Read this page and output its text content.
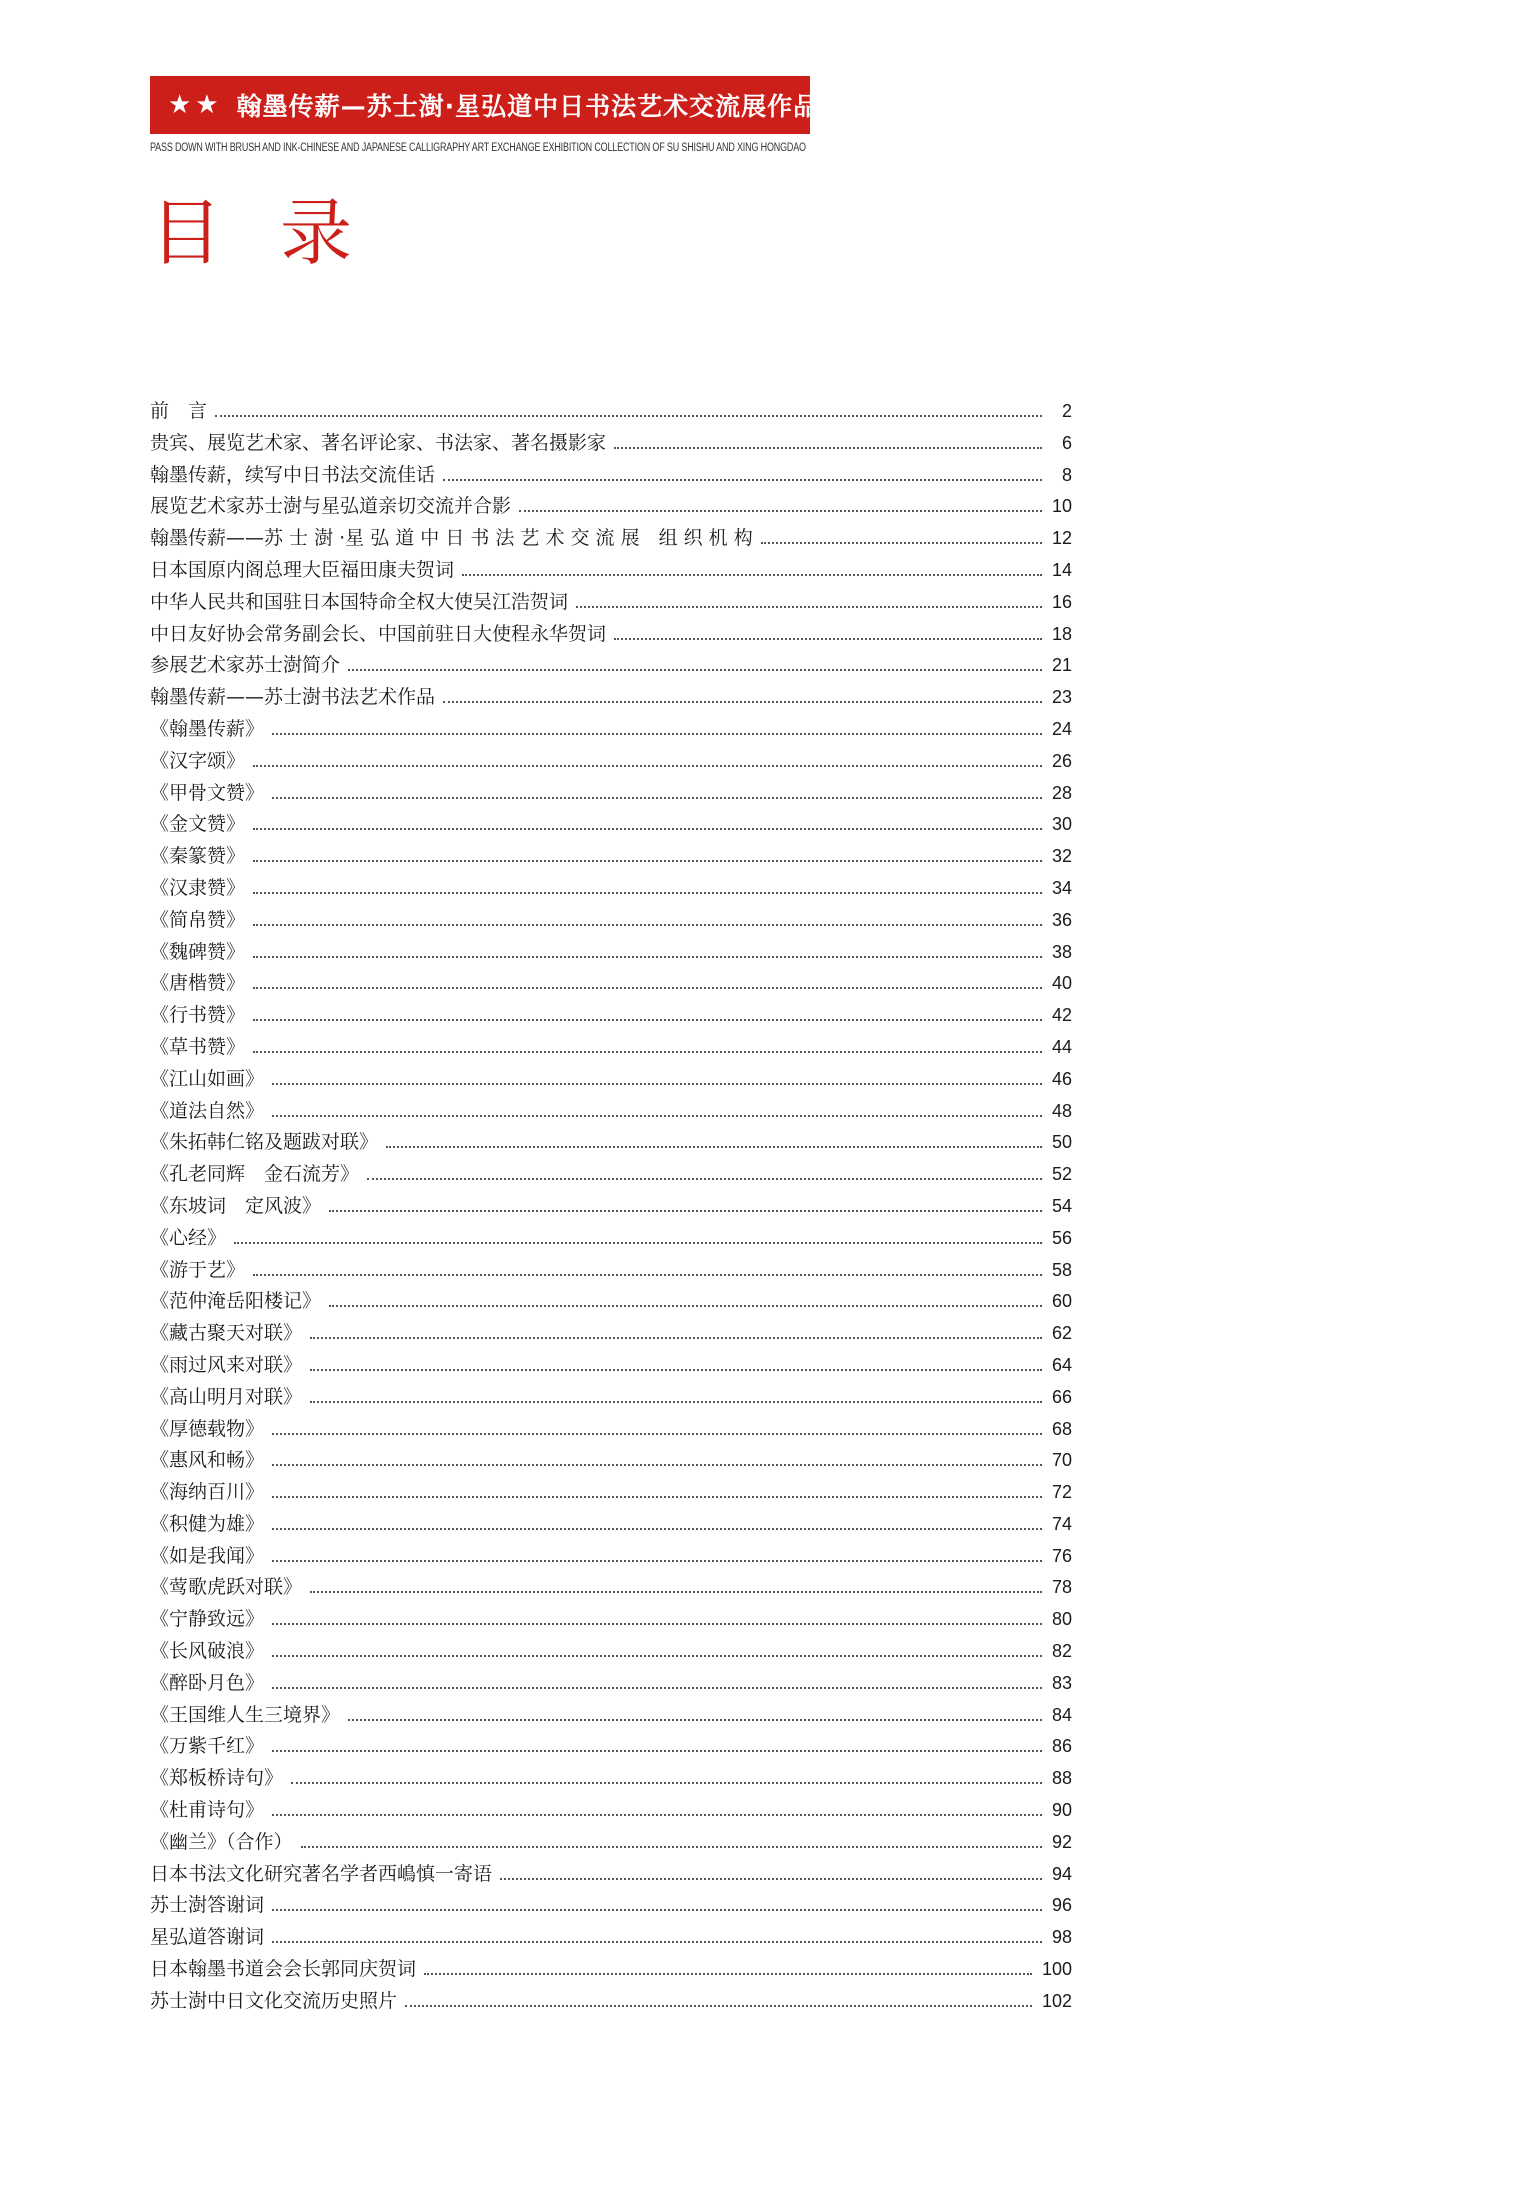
★★ 翰墨传薪—苏士澍·星弘道中日书法艺术交流展作品集
PASS DOWN WITH BRUSH AND INK-CHINESE AND JAPANESE CALLIGRAPHY ART EXCHANGE EXHIBITION COLLECTION OF SU SHISHU AND XING HONGDAO
目 录
前　言	2
贵宾、展览艺术家、著名评论家、书法家、著名摄影家	6
翰墨传薪，续写中日书法交流佳话	8
展览艺术家苏士澍与星弘道亲切交流并合影	10
翰墨传薪——苏 士 澍 ·星 弘 道 中 日 书 法 艺 术 交 流 展　组 织 机 构	12
日本国原内阁总理大臣福田康夫贺词	14
中华人民共和国驻日本国特命全权大使吴江浩贺词	16
中日友好协会常务副会长、中国前驻日大使程永华贺词	18
参展艺术家苏士澍简介	21
翰墨传薪——苏士澍书法艺术作品	23
《翰墨传薪》	24
《汉字颂》	26
《甲骨文赞》	28
《金文赞》	30
《秦篆赞》	32
《汉隶赞》	34
《简帛赞》	36
《魏碑赞》	38
《唐楷赞》	40
《行书赞》	42
《草书赞》	44
《江山如画》	46
《道法自然》	48
《朱拓韩仁铭及题跋对联》	50
《孔老同辉　金石流芳》	52
《东坡词　定风波》	54
《心经》	56
《游于艺》	58
《范仲淹岳阳楼记》	60
《藏古聚天对联》	62
《雨过风来对联》	64
《高山明月对联》	66
《厚德载物》	68
《惠风和畅》	70
《海纳百川》	72
《积健为雄》	74
《如是我闻》	76
《莺歌虎跃对联》	78
《宁静致远》	80
《长风破浪》	82
《醉卧月色》	83
《王国维人生三境界》	84
《万紫千红》	86
《郑板桥诗句》	88
《杜甫诗句》	90
《幽兰》（合作）	92
日本书法文化研究著名学者西嶋慎一寄语	94
苏士澍答谢词	96
星弘道答谢词	98
日本翰墨书道会会长郭同庆贺词	100
苏士澍中日文化交流历史照片	102
